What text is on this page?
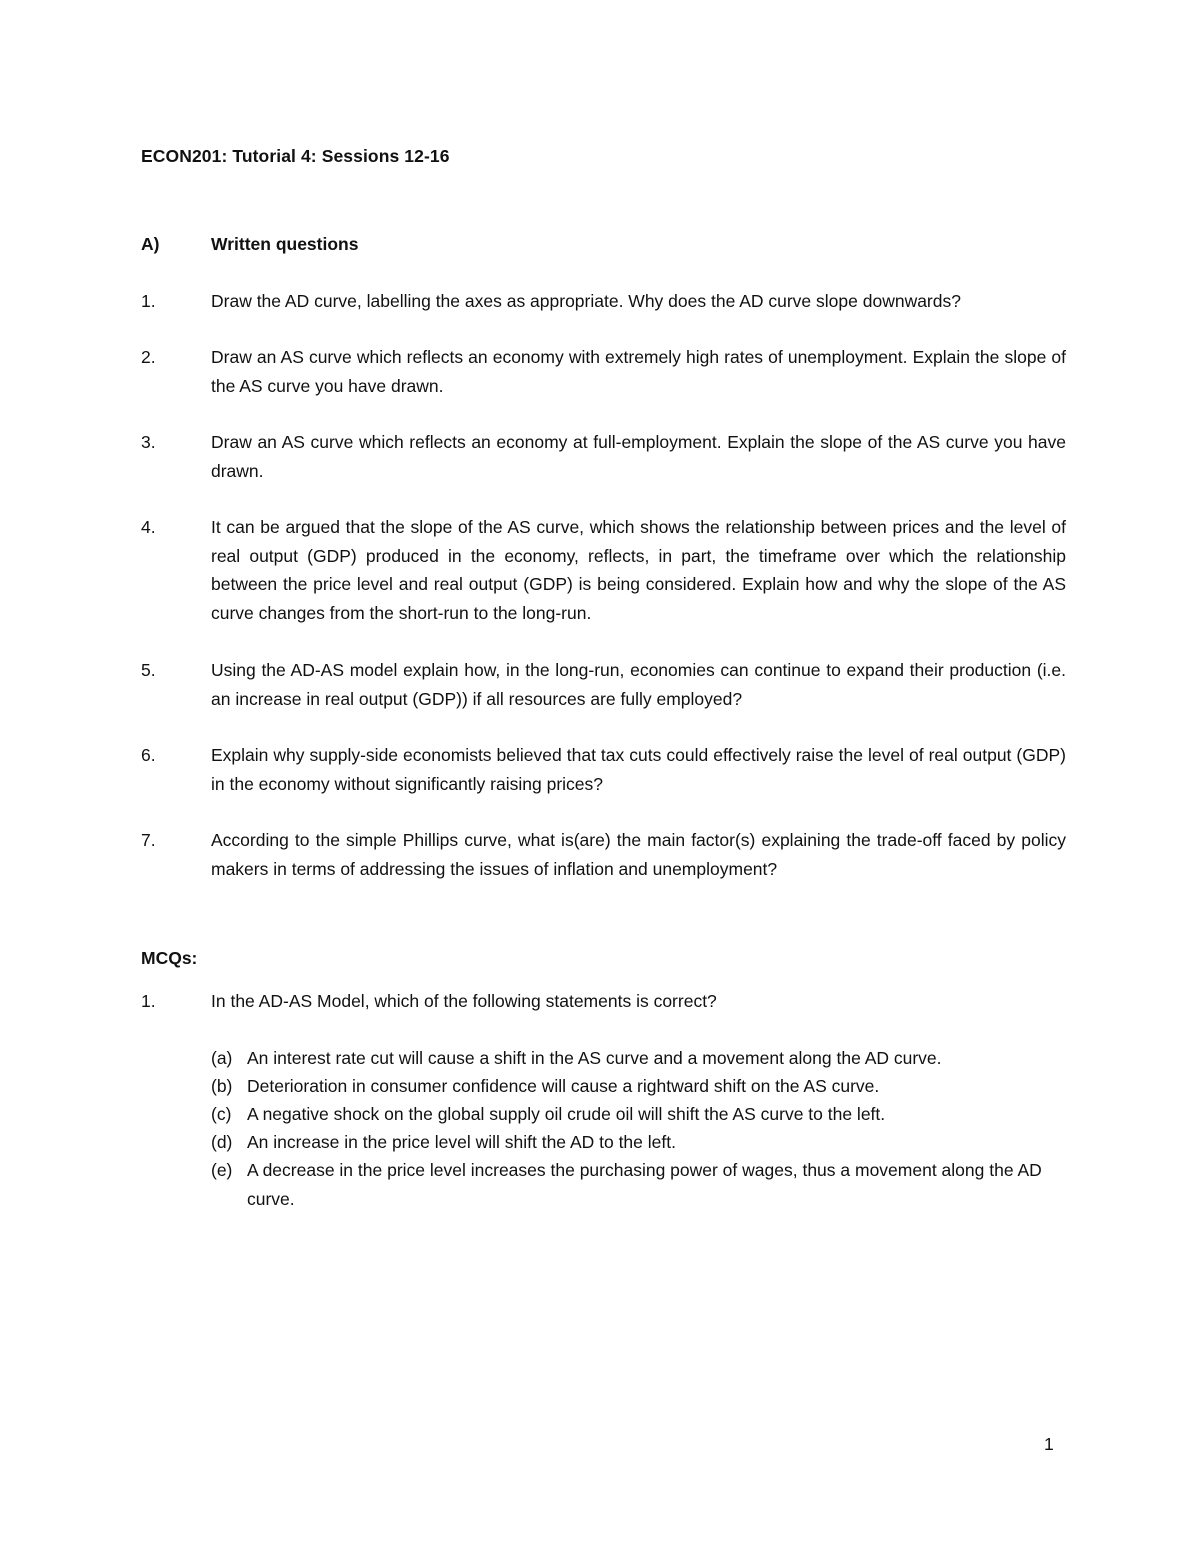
ECON201: Tutorial 4: Sessions 12-16
A)	Written questions
1.	Draw the AD curve, labelling the axes as appropriate. Why does the AD curve slope downwards?
2.	Draw an AS curve which reflects an economy with extremely high rates of unemployment. Explain the slope of the AS curve you have drawn.
3.	Draw an AS curve which reflects an economy at full-employment. Explain the slope of the AS curve you have drawn.
4.	It can be argued that the slope of the AS curve, which shows the relationship between prices and the level of real output (GDP) produced in the economy, reflects, in part, the timeframe over which the relationship between the price level and real output (GDP) is being considered. Explain how and why the slope of the AS curve changes from the short-run to the long-run.
5.	Using the AD-AS model explain how, in the long-run, economies can continue to expand their production (i.e. an increase in real output (GDP)) if all resources are fully employed?
6.	Explain why supply-side economists believed that tax cuts could effectively raise the level of real output (GDP) in the economy without significantly raising prices?
7.	According to the simple Phillips curve, what is(are) the main factor(s) explaining the trade-off faced by policy makers in terms of addressing the issues of inflation and unemployment?
MCQs:
1.	In the AD-AS Model, which of the following statements is correct?
(a) An interest rate cut will cause a shift in the AS curve and a movement along the AD curve.
(b) Deterioration in consumer confidence will cause a rightward shift on the AS curve.
(c) A negative shock on the global supply oil crude oil will shift the AS curve to the left.
(d) An increase in the price level will shift the AD to the left.
(e) A decrease in the price level increases the purchasing power of wages, thus a movement along the AD curve.
1
